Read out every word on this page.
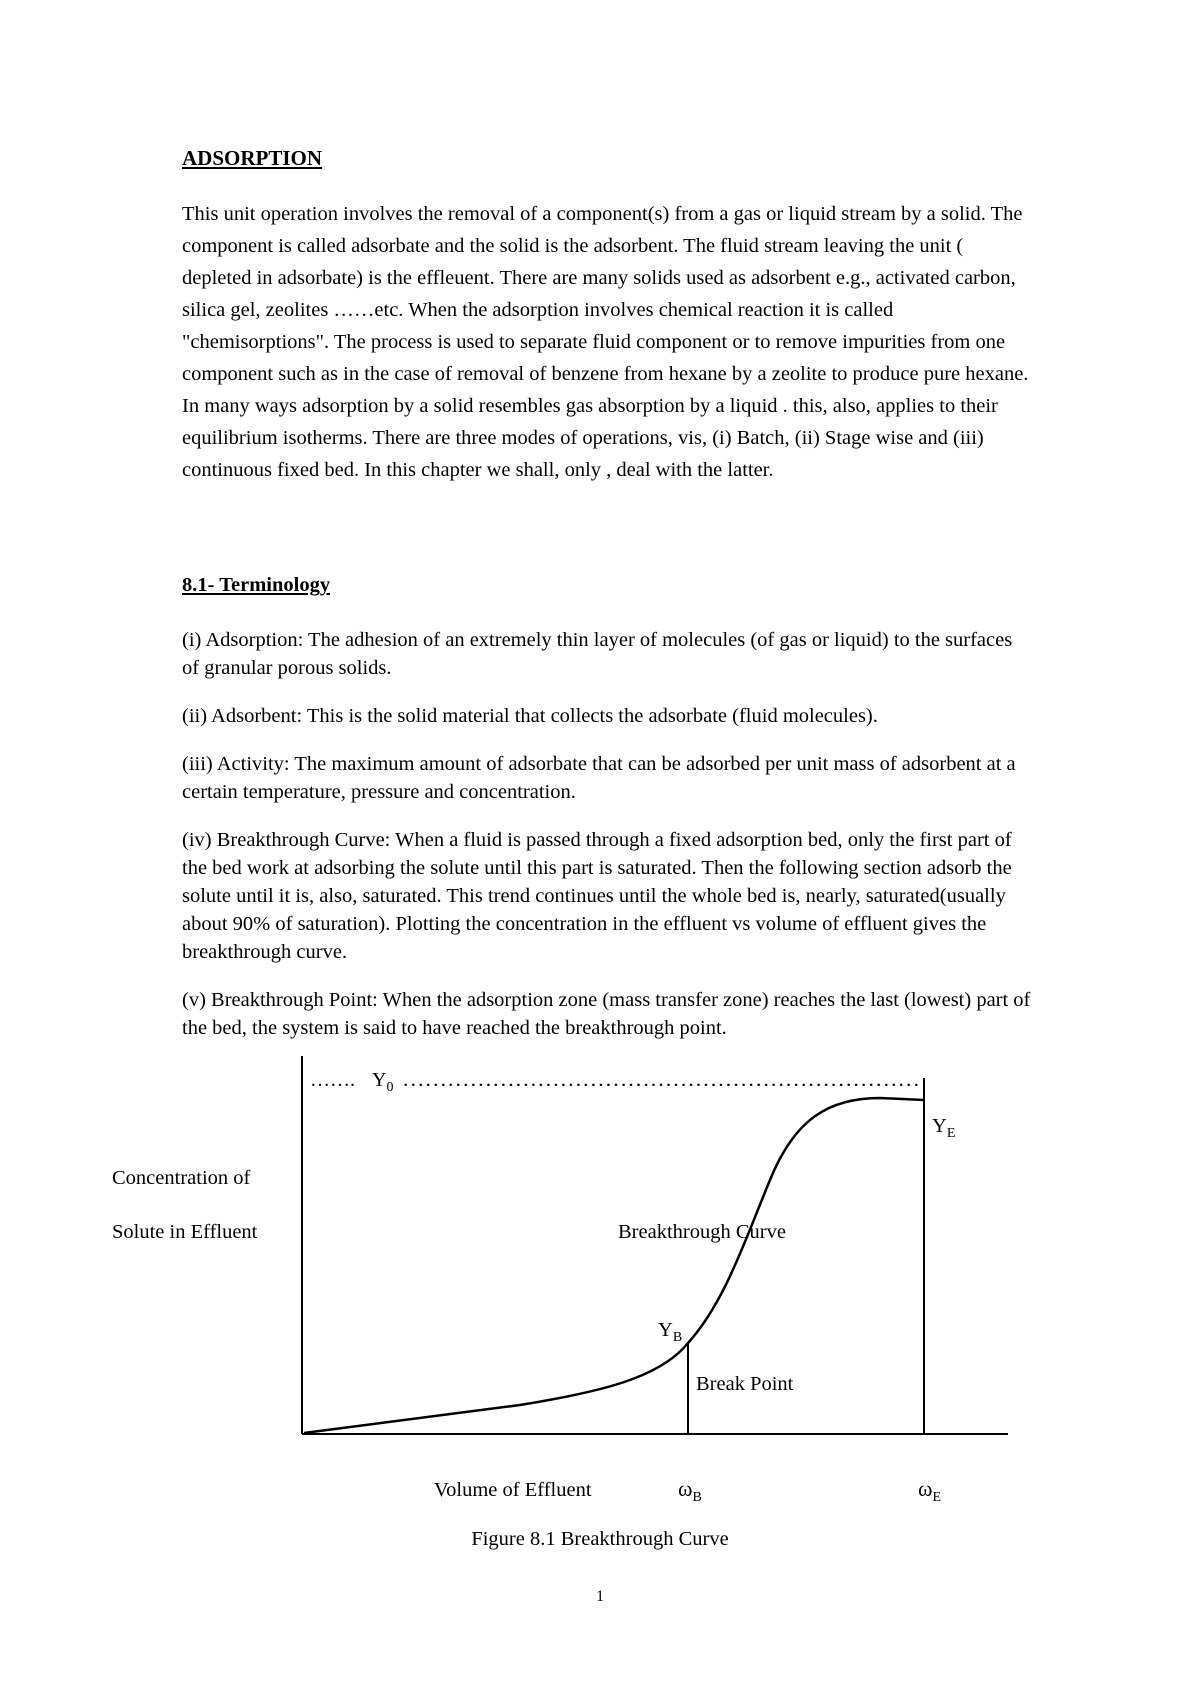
ADSORPTION

This unit operation involves the removal of a component(s) from a gas or liquid stream by a solid. The component is called adsorbate and the solid is the adsorbent. The fluid stream leaving the unit ( depleted in adsorbate) is the effleuent. There are many solids used as adsorbent e.g., activated carbon, silica gel, zeolites ……etc. When the adsorption involves chemical reaction it is called "chemisorptions". The process is used to separate fluid component or to remove impurities from one component such as in the case of removal of benzene from hexane by a zeolite to produce pure hexane. In many ways adsorption by a solid resembles gas absorption by a liquid . this, also, applies to their equilibrium isotherms. There are three modes of operations, vis, (i) Batch, (ii) Stage wise and (iii) continuous fixed bed. In this chapter we shall, only , deal with the latter.

8.1- Terminology

(i) Adsorption: The adhesion of an extremely thin layer of molecules (of gas or liquid) to the surfaces of granular porous solids.

(ii) Adsorbent: This is the solid material that collects the adsorbate (fluid molecules).

(iii) Activity: The maximum amount of adsorbate that can be adsorbed per unit mass of adsorbent at a certain temperature, pressure and concentration.

(iv) Breakthrough Curve: When a fluid is passed through a fixed adsorption bed, only the first part of the bed work at adsorbing the solute until this part is saturated. Then the following section adsorb the solute until it is, also, saturated. This trend continues until the whole bed is, nearly, saturated(usually about 90% of saturation). Plotting the concentration in the effluent vs volume of effluent gives the breakthrough curve.

(v) Breakthrough Point: When the adsorption zone (mass transfer zone) reaches the last (lowest) part of the bed, the system is said to have reached the breakthrough point.

……. $Y_0$ ……………………………………………………………
Concentration of
Solute in Effluent
Volume of Effluent
$Y_E$
$Y_B$
$\omega_B$	$\omega_E$
Breakthrough Curve
Break Point

Figure 8.1 Breakthrough Curve

1
